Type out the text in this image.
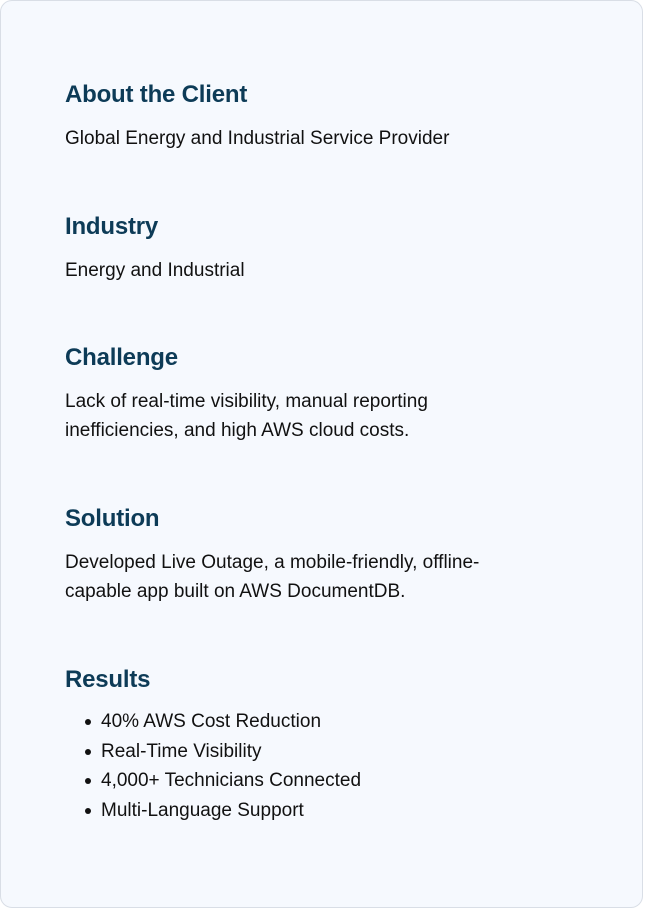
About the Client

Global Energy and Industrial Service Provider

Industry

Energy and Industrial

Challenge

Lack of real-time visibility, manual reporting
inefficiencies, and high AWS cloud costs.

Solution

Developed Live Outage, a mobile-friendly, offline-
capable app built on AWS DocumentDB.

Results
40% AWS Cost Reduction
Real-Time Visibility
4,000+ Technicians Connected
Multi-Language Support
